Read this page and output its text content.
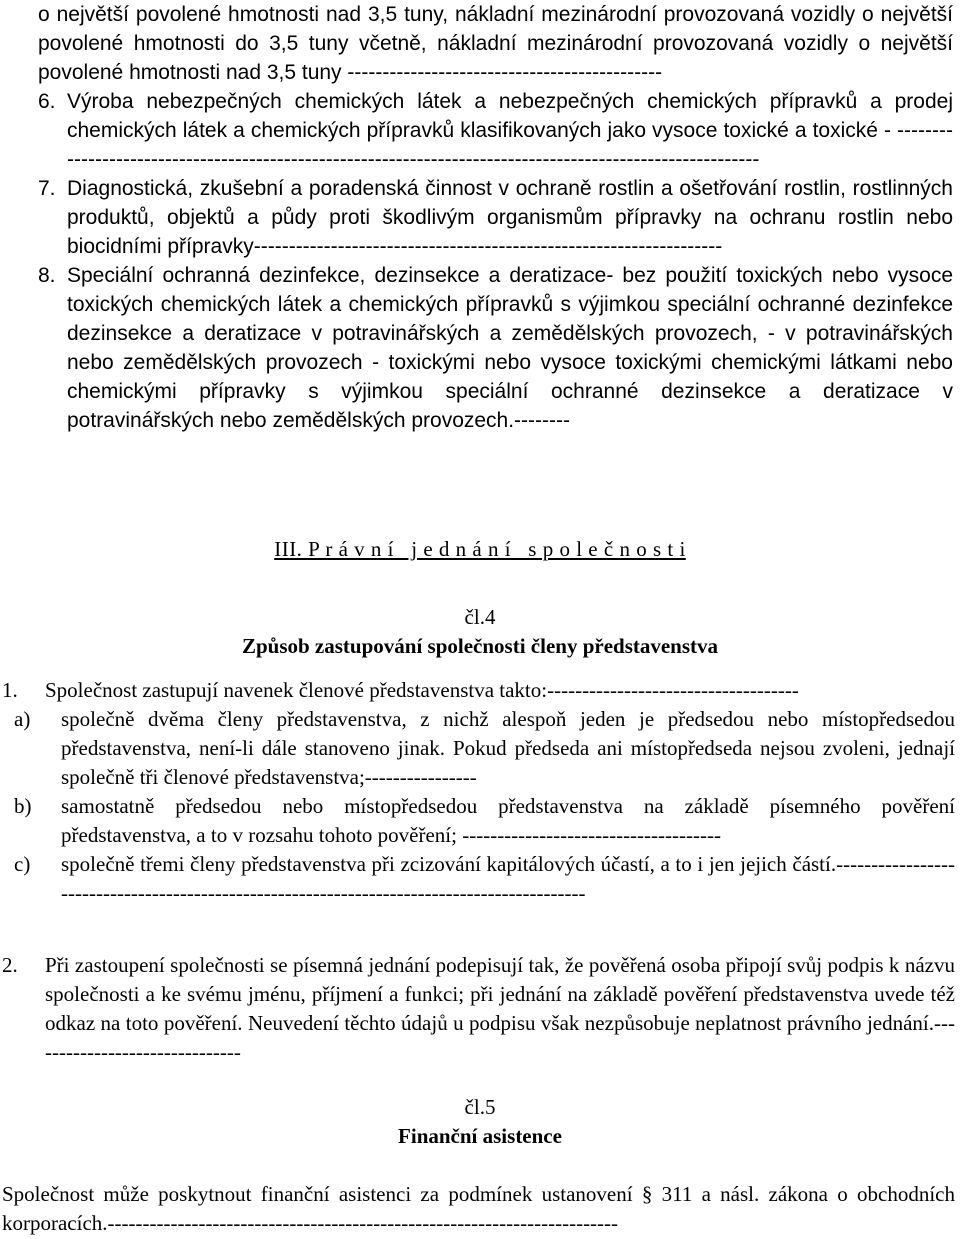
o největší povolené hmotnosti nad 3,5 tuny, nákladní mezinárodní provozovaná vozidly o největší povolené hmotnosti do 3,5 tuny včetně, nákladní mezinárodní provozovaná vozidly o největší povolené hmotnosti nad 3,5 tuny ---------------------------------------------
6. Výroba nebezpečných chemických látek a nebezpečných chemických přípravků a prodej chemických látek a chemických přípravků klasifikovaných jako vysoce toxické a toxické - -----------------------------------------------------------------------------------------------------------
7. Diagnostická, zkušební a poradenská činnost v ochraně rostlin a ošetřování rostlin, rostlinných produktů, objektů a půdy proti škodlivým organismům přípravky na ochranu rostlin nebo biocidními přípravky-------------------------------------------------------------------
8. Speciální ochranná dezinfekce, dezinsekce a deratizace- bez použití toxických nebo vysoce toxických chemických látek a chemických přípravků s výjimkou speciální ochranné dezinfekce dezinsekce a deratizace v potravinářských a zemědělských provozech, - v potravinářských nebo zemědělských provozech - toxickými nebo vysoce toxickými chemickými látkami nebo chemickými přípravky s výjimkou speciální ochranné dezinsekce a deratizace v potravinářských nebo zemědělských provozech.--------
III. P r á v n í   j e d n á n í   s p o l e č n o s t i
čl.4
Způsob zastupování společnosti členy představenstva
1. Společnost zastupují navenek členové představenstva takto:------------------------------------
a) společně dvěma členy představenstva, z nichž alespoň jeden je předsedou nebo místopředsedou představenstva, není-li dále stanoveno jinak. Pokud předseda ani místopředseda nejsou zvoleni, jednají společně tři členové představenstva;----------------
b) samostatně předsedou nebo místopředsedou představenstva na základě písemného pověření představenstva, a to v rozsahu tohoto pověření; -------------------------------------
c) společně třemi členy představenstva při zcizování kapitálových účastí, a to i jen jejich částí.--------------------------------------------------------------------------------------------
2. Při zastoupení společnosti se písemná jednání podepisují tak, že pověřená osoba připojí svůj podpis k názvu společnosti a ke svému jménu, příjmení a funkci; při jednání na základě pověření představenstva uvede též odkaz na toto pověření. Neuvedení těchto údajů u podpisu však nezpůsobuje neplatnost právního jednání.-------------------------------
čl.5
Finanční asistence
Společnost může poskytnout finanční asistenci za podmínek ustanovení § 311 a násl. zákona o obchodních korporacích.-------------------------------------------------------------------------
